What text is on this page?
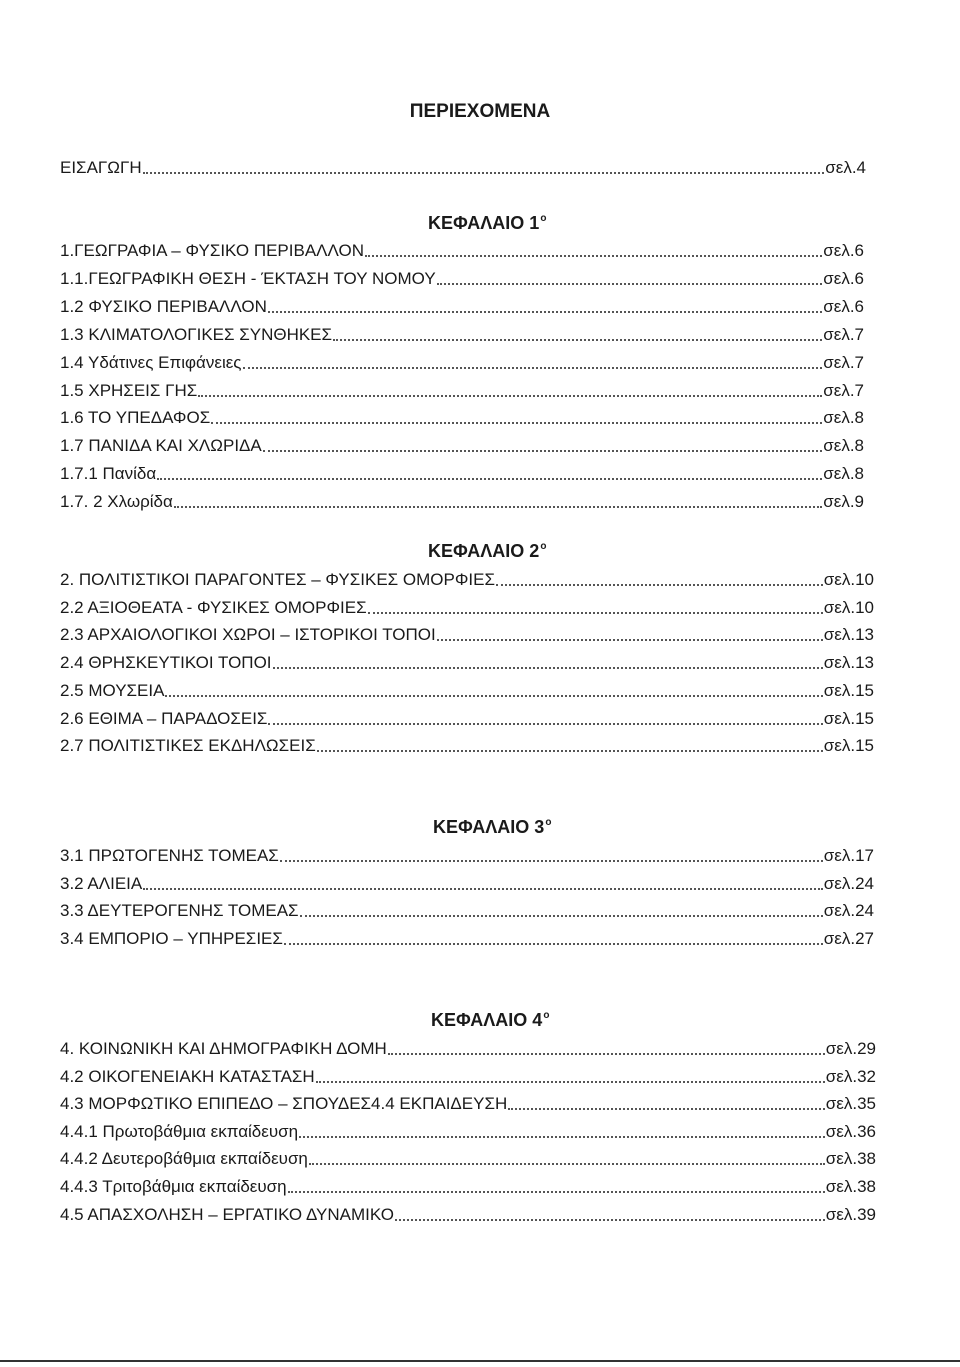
ΠΕΡΙΕΧΟΜΕΝΑ
ΕΙΣΑΓΩΓΗ	σελ.4
ΚΕΦΑΛΑΙΟ $1^o$
1.ΓΕΩΓΡΑΦΙΑ – ΦΥΣΙΚΟ ΠΕΡΙΒΑΛΛΟΝ	σελ.6
1.1.ΓΕΩΓΡΑΦΙΚΗ ΘΕΣΗ - ΈΚΤΑΣΗ ΤΟΥ ΝΟΜΟΥ	σελ.6
1.2 ΦΥΣΙΚΟ ΠΕΡΙΒΑΛΛΟΝ	σελ.6
1.3 ΚΛΙΜΑΤΟΛΟΓΙΚΕΣ ΣΥΝΘΗΚΕΣ	σελ.7
1.4 Υδάτινες Επιφάνειες	σελ.7
1.5 ΧΡΗΣΕΙΣ ΓΗΣ	σελ.7
1.6 ΤΟ ΥΠΕΔΑΦΟΣ	σελ.8
1.7 ΠΑΝΙΔΑ ΚΑΙ ΧΛΩΡΙΔΑ	σελ.8
1.7.1 Πανίδα	σελ.8
1.7. 2 Χλωρίδα	σελ.9
ΚΕΦΑΛΑΙΟ $2^o$
2. ΠΟΛΙΤΙΣΤΙΚΟΙ ΠΑΡΑΓΟΝΤΕΣ – ΦΥΣΙΚΕΣ ΟΜΟΡΦΙΕΣ	σελ.10
2.2 ΑΞΙΟΘΕΑΤΑ - ΦΥΣΙΚΕΣ ΟΜΟΡΦΙΕΣ	σελ.10
2.3 ΑΡΧΑΙΟΛΟΓΙΚΟΙ ΧΩΡΟΙ – ΙΣΤΟΡΙΚΟΙ ΤΟΠΟΙ	σελ.13
2.4 ΘΡΗΣΚΕΥΤΙΚΟΙ ΤΟΠΟΙ	σελ.13
2.5 ΜΟΥΣΕΙΑ	σελ.15
2.6 ΕΘΙΜΑ – ΠΑΡΑΔΟΣΕΙΣ	σελ.15
2.7 ΠΟΛΙΤΙΣΤΙΚΕΣ ΕΚΔΗΛΩΣΕΙΣ	σελ.15
ΚΕΦΑΛΑΙΟ $3^o$
3.1 ΠΡΩΤΟΓΕΝΗΣ ΤΟΜΕΑΣ	σελ.17
3.2 ΑΛΙΕΙΑ	σελ.24
3.3 ΔΕΥΤΕΡΟΓΕΝΗΣ ΤΟΜΕΑΣ	σελ.24
3.4 ΕΜΠΟΡΙΟ – ΥΠΗΡΕΣΙΕΣ	σελ.27
ΚΕΦΑΛΑΙΟ $4^o$
4. ΚΟΙΝΩΝΙΚΗ ΚΑΙ ΔΗΜΟΓΡΑΦΙΚΗ ΔΟΜΗ	σελ.29
4.2 ΟΙΚΟΓΕΝΕΙΑΚΗ ΚΑΤΑΣΤΑΣΗ	σελ.32
4.3 ΜΟΡΦΩΤΙΚΟ ΕΠΙΠΕΔΟ – ΣΠΟΥΔΕΣ4.4 ΕΚΠΑΙΔΕΥΣΗ	σελ.35
4.4.1 Πρωτοβάθμια εκπαίδευση	σελ.36
4.4.2 Δευτεροβάθμια εκπαίδευση	σελ.38
4.4.3 Τριτοβάθμια εκπαίδευση	σελ.38
4.5 ΑΠΑΣΧΟΛΗΣΗ – ΕΡΓΑΤΙΚΟ ΔΥΝΑΜΙΚΟ	σελ.39
